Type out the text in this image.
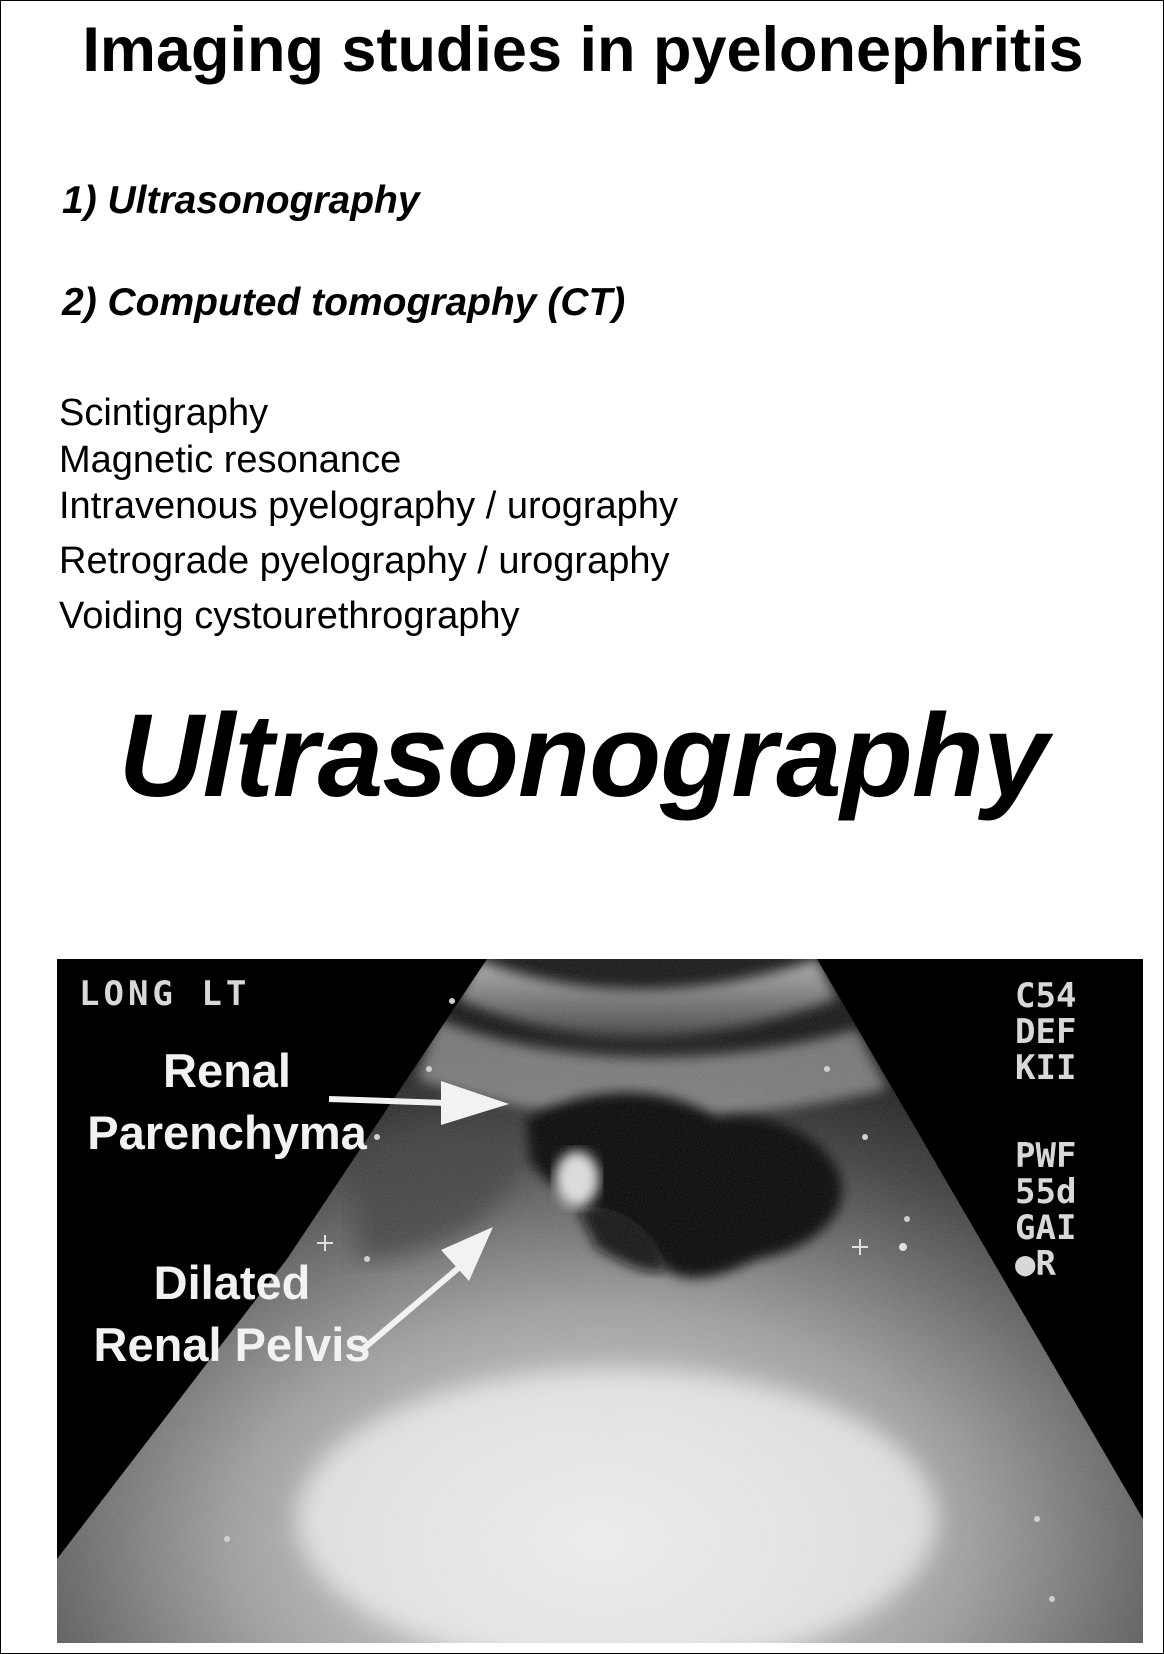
Imaging studies in pyelonephritis
1) Ultrasonography
2) Computed tomography (CT)
Scintigraphy
Magnetic resonance
Intravenous pyelography / urography
Retrograde pyelography / urography
Voiding cystourethrography
Ultrasonography
LONG LT	C54
DEF
KII
PWF
55d
GAI
●R
Renal
Parenchyma
Dilated
Renal Pelvis
